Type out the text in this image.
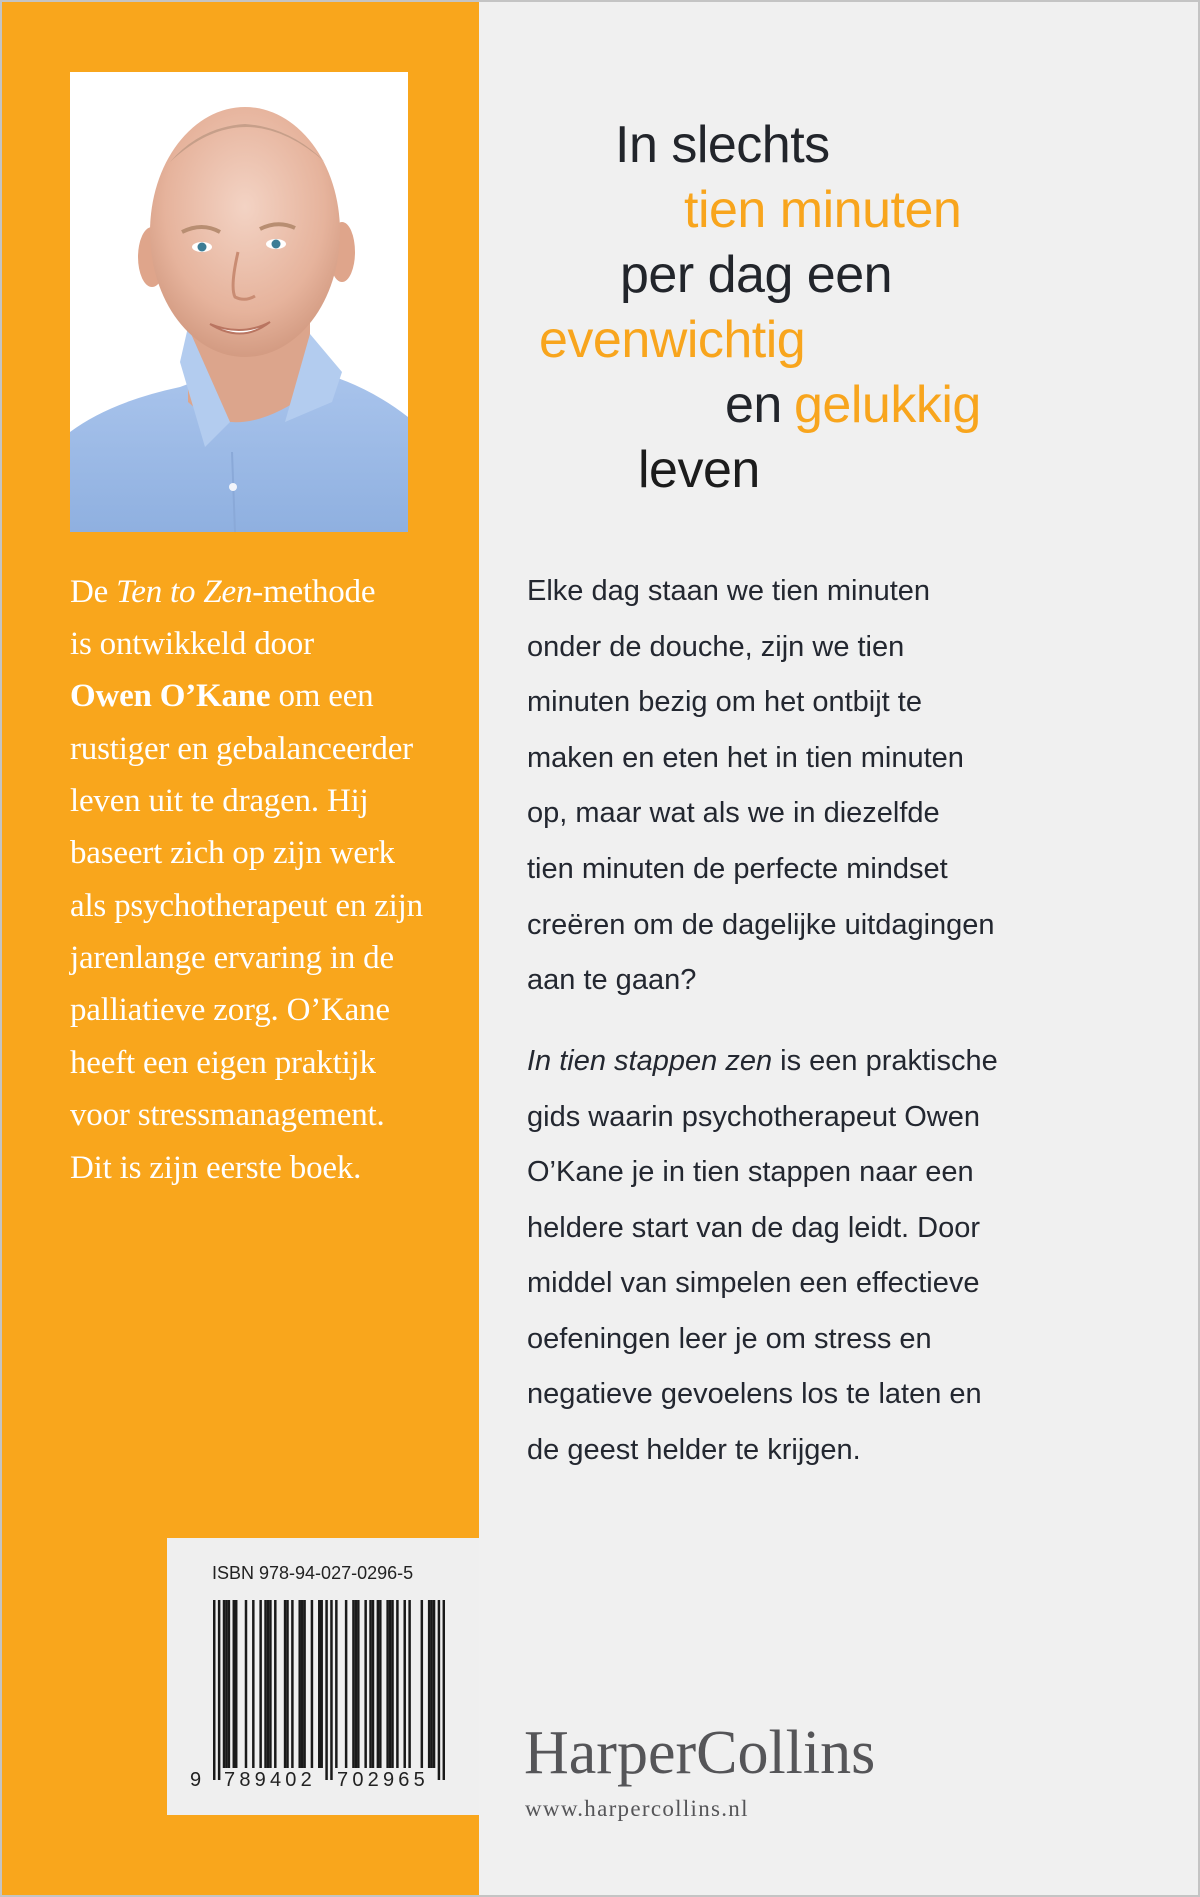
De Ten to Zen-methode
is ontwikkeld door
Owen O’Kane om een
rustiger en gebalanceerder
leven uit te dragen. Hij
baseert zich op zijn werk
als psychotherapeut en zijn
jarenlange ervaring in de
palliatieve zorg. O’Kane
heeft een eigen praktijk
voor stressmanagement.
Dit is zijn eerste boek.
In slechts
tien minuten
per dag een
evenwichtig
en gelukkig
leven
Elke dag staan we tien minuten
onder de douche, zijn we tien
minuten bezig om het ontbijt te
maken en eten het in tien minuten
op, maar wat als we in diezelfde
tien minuten de perfecte mindset
creëren om de dagelijke uitdagingen
aan te gaan?
In tien stappen zen is een praktische
gids waarin psychotherapeut Owen
O’Kane je in tien stappen naar een
heldere start van de dag leidt. Door
middel van simpelen een effectieve
oefeningen leer je om stress en
negatieve gevoelens los te laten en
de geest helder te krijgen.
ISBN 978-94-027-0296-5
9 789402 702965 HarperCollins
www.harpercollins.nl
